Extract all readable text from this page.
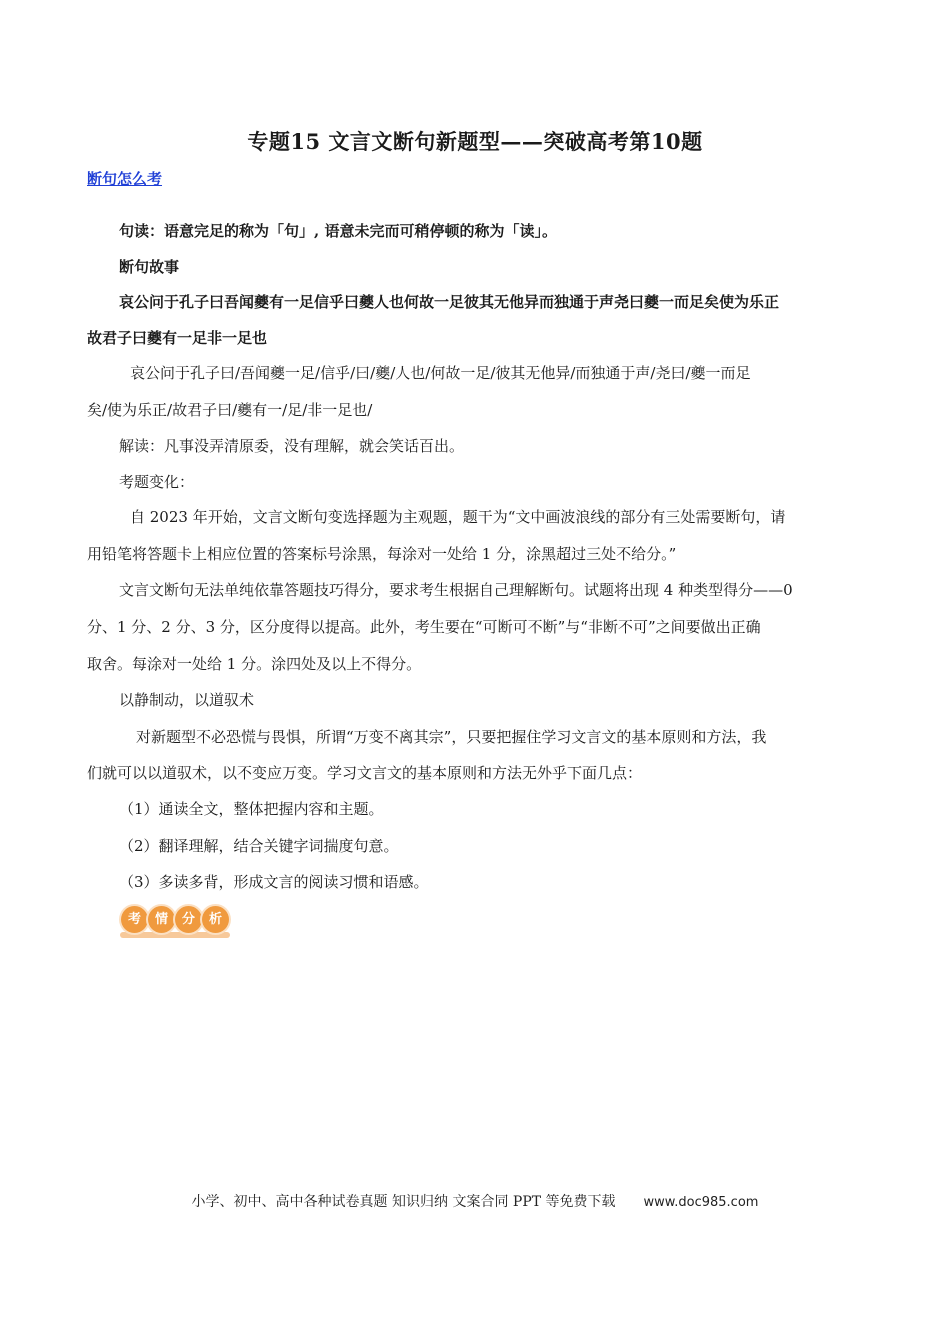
专题15 文言文断句新题型——突破高考第10题
断句怎么考
句读：语意完足的称为「句」, 语意未完而可稍停顿的称为「读」。
断句故事
哀公问于孔子曰吾闻夔有一足信乎曰夔人也何故一足彼其无他异而独通于声尧曰夔一而足矣使为乐正
故君子曰夔有一足非一足也
哀公问于孔子曰/吾闻夔一足/信乎/曰/夔/人也/何故一足/彼其无他异/而独通于声/尧曰/夔一而足
矣/使为乐正/故君子曰/夔有一/足/非一足也/
解读：凡事没弄清原委，没有理解，就会笑话百出。
考题变化：
自 2023 年开始，文言文断句变选择题为主观题，题干为“文中画波浪线的部分有三处需要断句，请
用铅笔将答题卡上相应位置的答案标号涂黑，每涂对一处给 1 分，涂黑超过三处不给分。”
文言文断句无法单纯依靠答题技巧得分，要求考生根据自己理解断句。试题将出现 4 种类型得分——0
分、1 分、2 分、3 分，区分度得以提高。此外，考生要在“可断可不断”与“非断不可”之间要做出正确
取舍。每涂对一处给 1 分。涂四处及以上不得分。
以静制动，以道驭术
对新题型不必恐慌与畏惧，所谓“万变不离其宗”，只要把握住学习文言文的基本原则和方法，我
们就可以以道驭术，以不变应万变。学习文言文的基本原则和方法无外乎下面几点：
（1）通读全文，整体把握内容和主题。
（2）翻译理解，结合关键字词揣度句意。
（3）多读多背，形成文言的阅读习惯和语感。
考	情	分	析
小学、初中、高中各种试卷真题 知识归纳 文案合同 PPT 等免费下载 www.doc985.com
